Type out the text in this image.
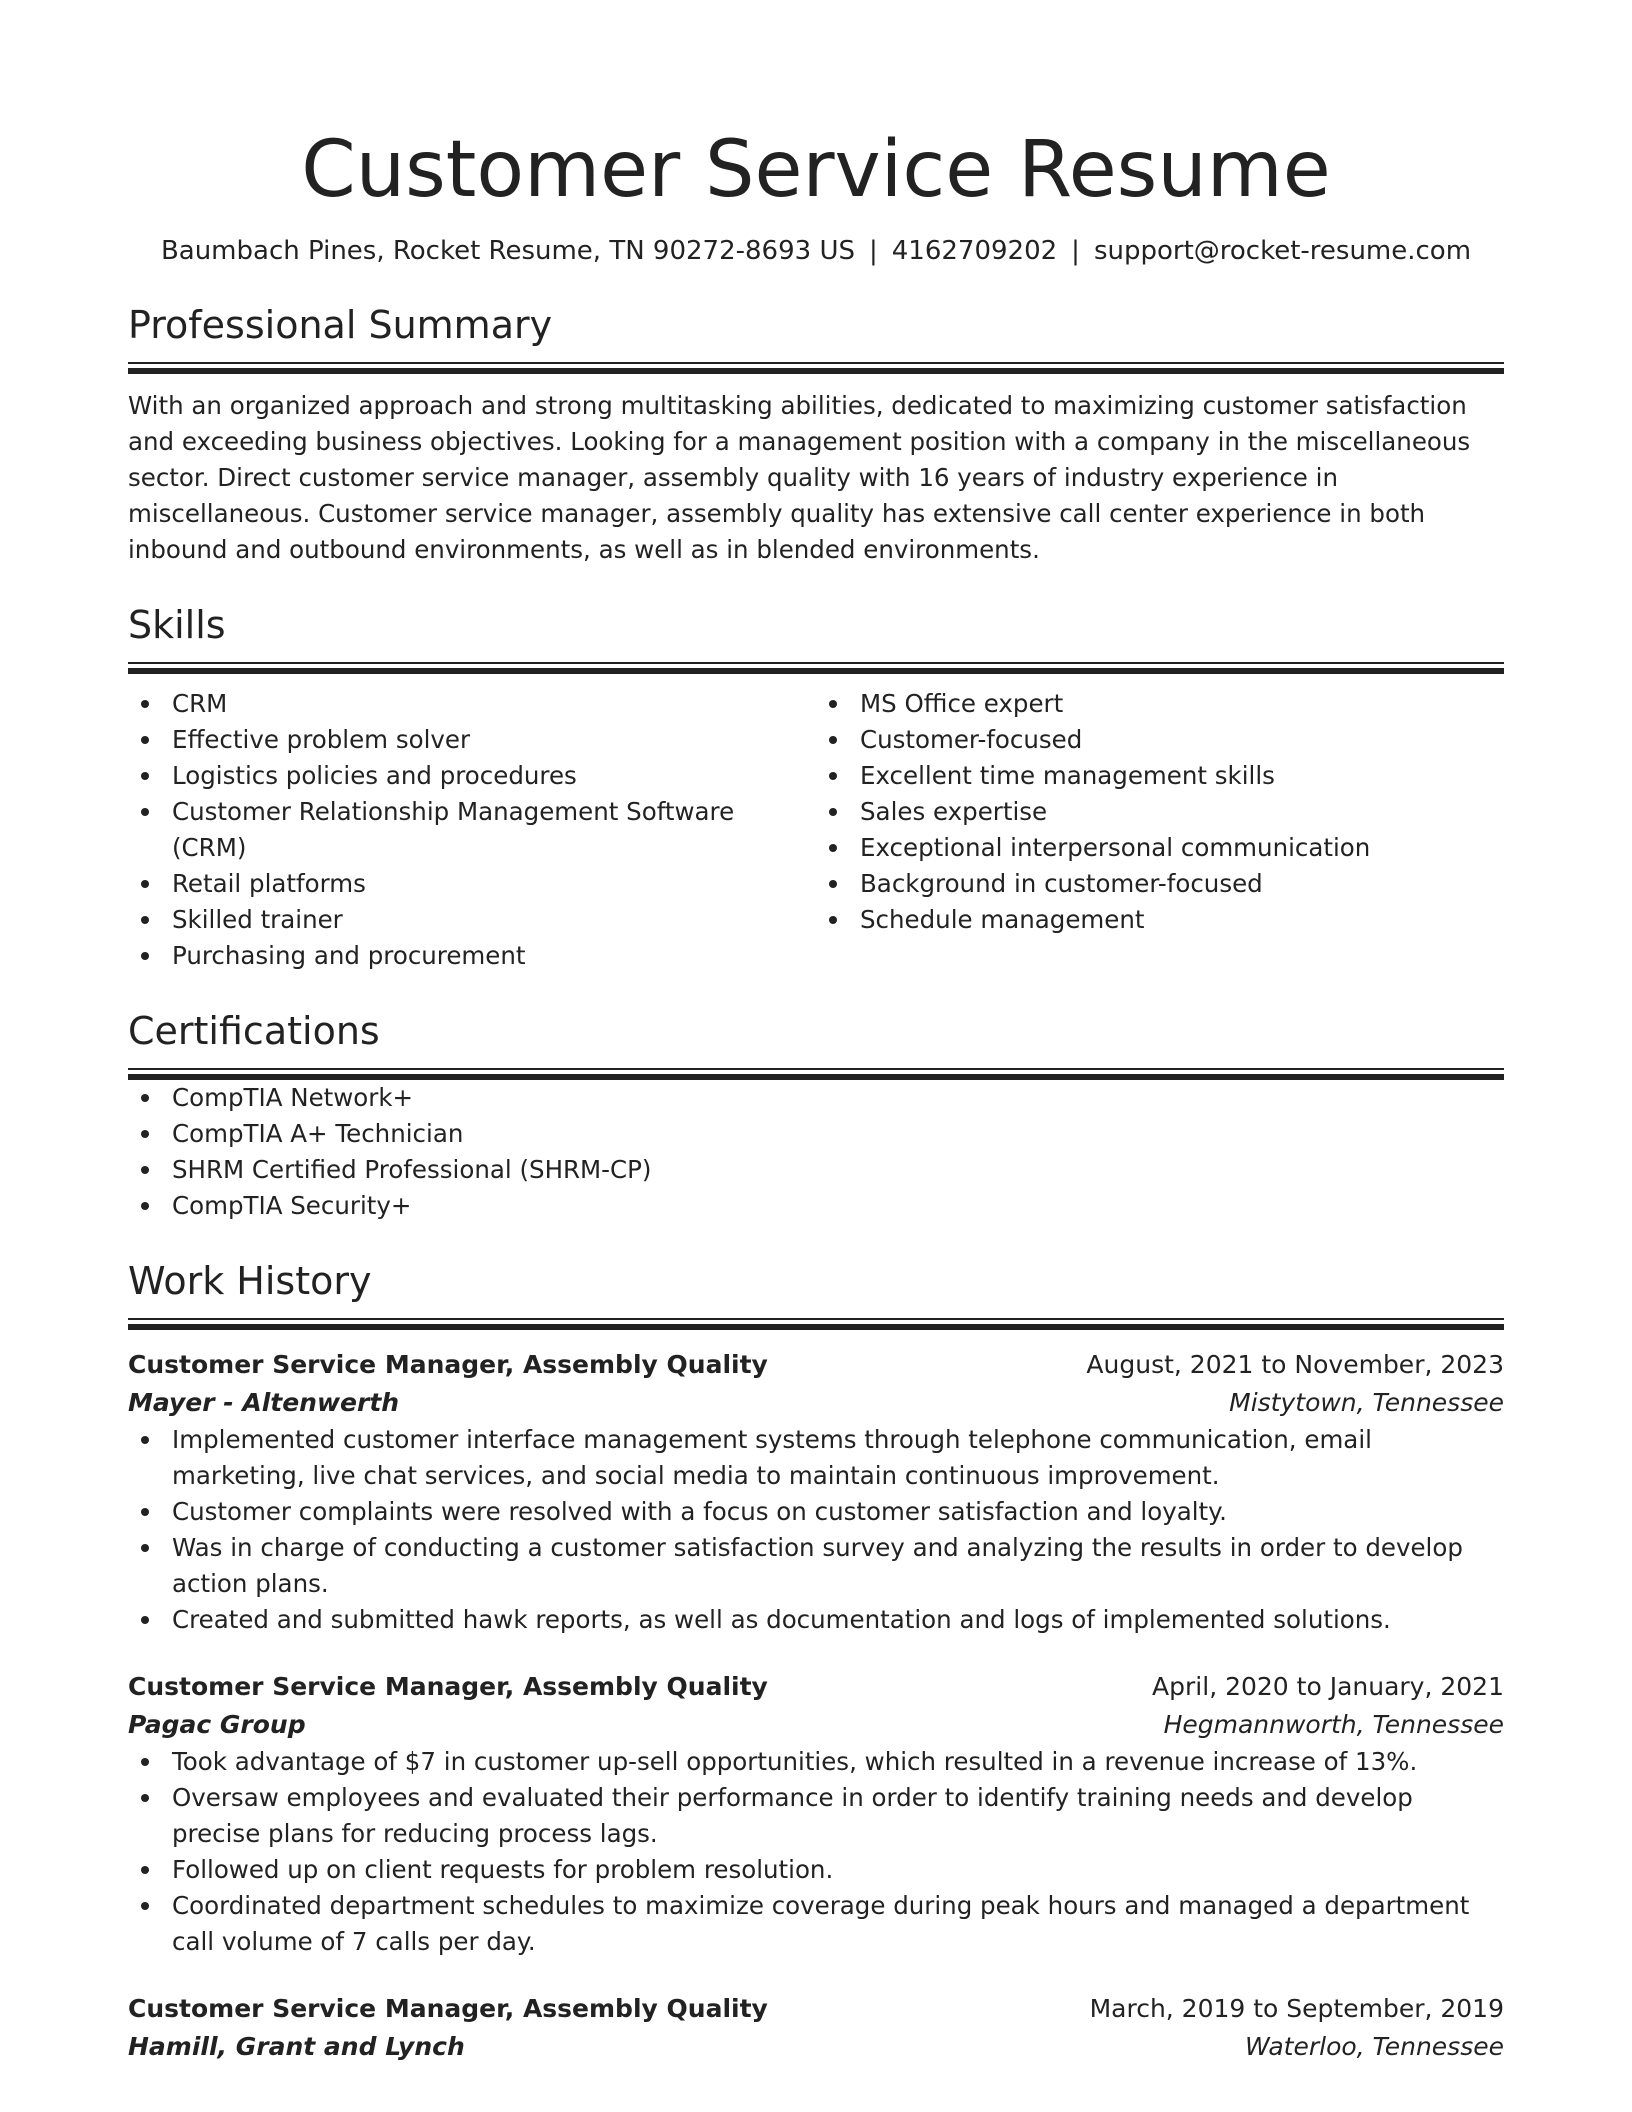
Customer Service Resume
Baumbach Pines, Rocket Resume, TN 90272-8693 US | 4162709202 | support@rocket-resume.com
Professional Summary
With an organized approach and strong multitasking abilities, dedicated to maximizing customer satisfaction and exceeding business objectives. Looking for a management position with a company in the miscellaneous sector. Direct customer service manager, assembly quality with 16 years of industry experience in miscellaneous. Customer service manager, assembly quality has extensive call center experience in both inbound and outbound environments, as well as in blended environments.
Skills
CRM
Effective problem solver
Logistics policies and procedures
Customer Relationship Management Software (CRM)
Retail platforms
Skilled trainer
Purchasing and procurement
MS Office expert
Customer-focused
Excellent time management skills
Sales expertise
Exceptional interpersonal communication
Background in customer-focused
Schedule management
Certifications
CompTIA Network+
CompTIA A+ Technician
SHRM Certified Professional (SHRM-CP)
CompTIA Security+
Work History
Customer Service Manager, Assembly Quality	August, 2021 to November, 2023
Mayer - Altenwerth	Mistytown, Tennessee
Implemented customer interface management systems through telephone communication, email marketing, live chat services, and social media to maintain continuous improvement.
Customer complaints were resolved with a focus on customer satisfaction and loyalty.
Was in charge of conducting a customer satisfaction survey and analyzing the results in order to develop action plans.
Created and submitted hawk reports, as well as documentation and logs of implemented solutions.
Customer Service Manager, Assembly Quality	April, 2020 to January, 2021
Pagac Group	Hegmannworth, Tennessee
Took advantage of $7 in customer up-sell opportunities, which resulted in a revenue increase of 13%.
Oversaw employees and evaluated their performance in order to identify training needs and develop precise plans for reducing process lags.
Followed up on client requests for problem resolution.
Coordinated department schedules to maximize coverage during peak hours and managed a department call volume of 7 calls per day.
Customer Service Manager, Assembly Quality	March, 2019 to September, 2019
Hamill, Grant and Lynch	Waterloo, Tennessee
